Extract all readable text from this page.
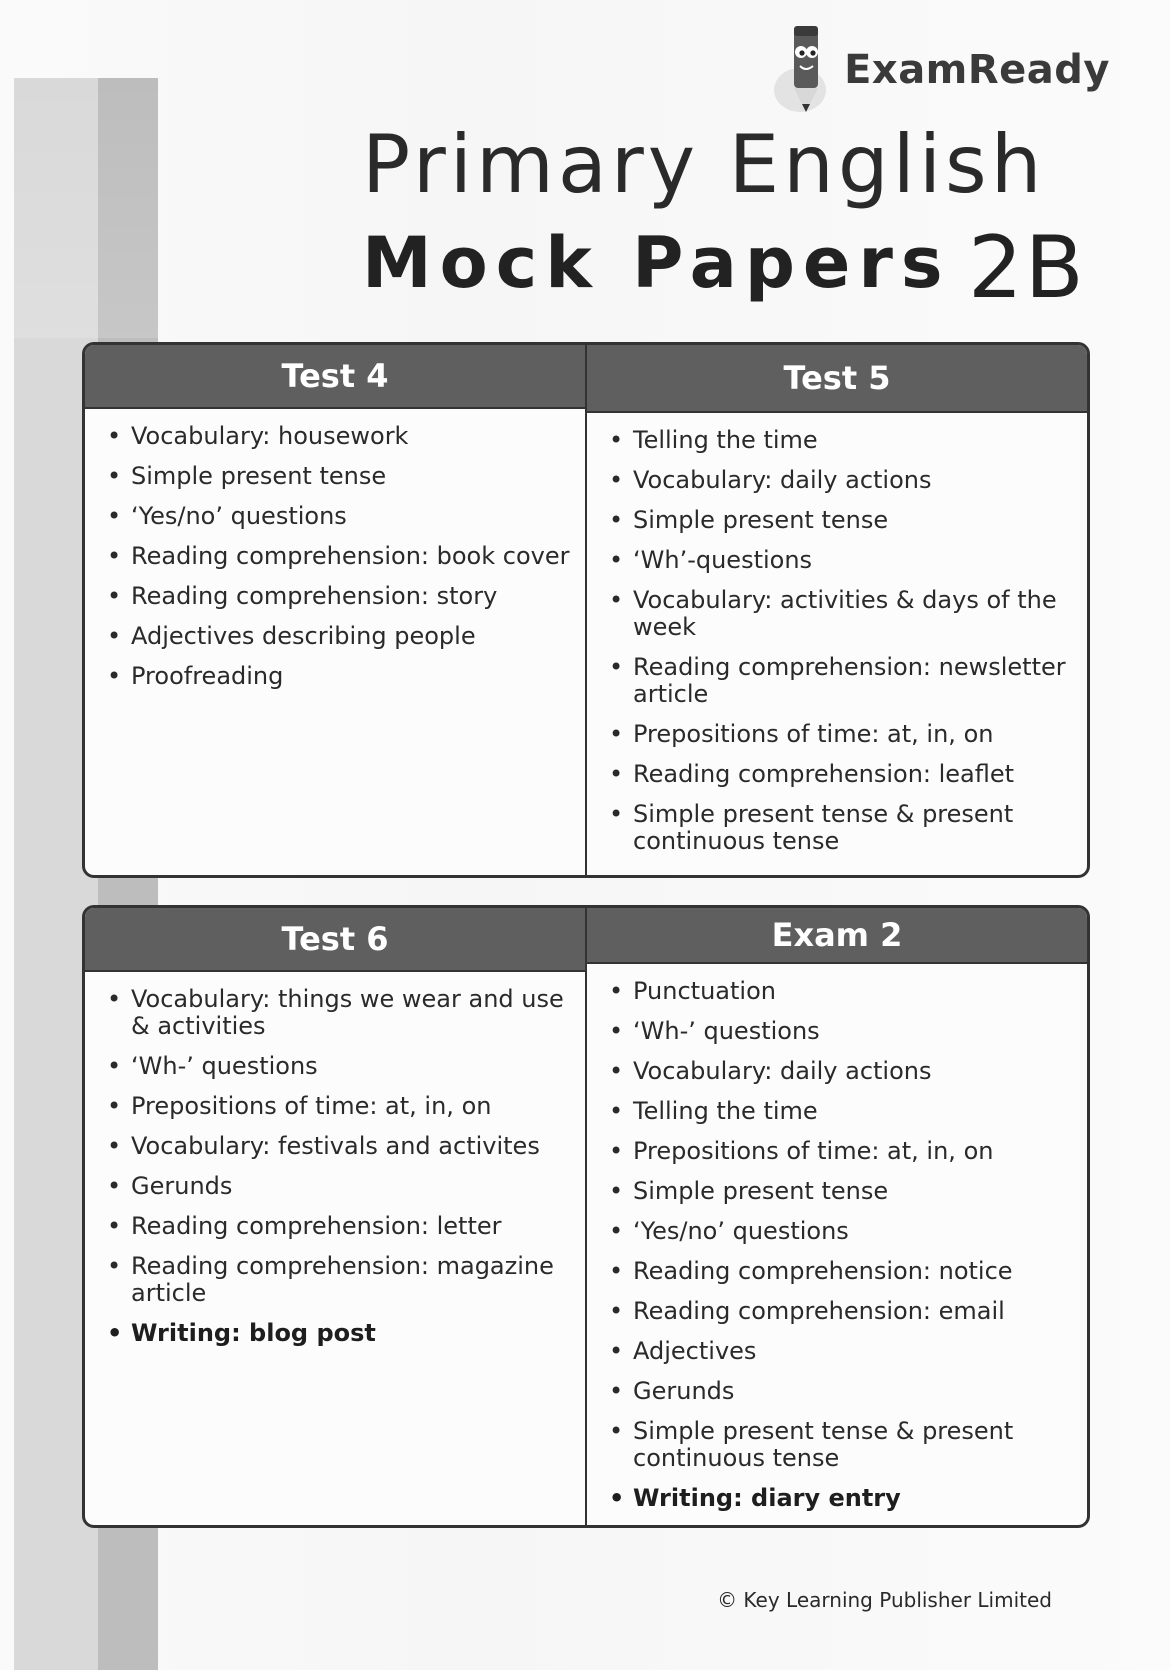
ExamReady
Primary English
Mock Papers 2B
Test 4
• Vocabulary: housework
• Simple present tense
• ‘Yes/no’ questions
• Reading comprehension: book cover
• Reading comprehension: story
• Adjectives describing people
• Proofreading
Test 5
• Telling the time
• Vocabulary: daily actions
• Simple present tense
• ‘Wh’-questions
• Vocabulary: activities & days of the week
• Reading comprehension: newsletter article
• Prepositions of time: at, in, on
• Reading comprehension: leaflet
• Simple present tense & present continuous tense
Test 6
• Vocabulary: things we wear and use & activities
• ‘Wh-’ questions
• Prepositions of time: at, in, on
• Vocabulary: festivals and activites
• Gerunds
• Reading comprehension: letter
• Reading comprehension: magazine article
• Writing: blog post
Exam 2
• Punctuation
• ‘Wh-’ questions
• Vocabulary: daily actions
• Telling the time
• Prepositions of time: at, in, on
• Simple present tense
• ‘Yes/no’ questions
• Reading comprehension: notice
• Reading comprehension: email
• Adjectives
• Gerunds
• Simple present tense & present continuous tense
• Writing: diary entry
© Key Learning Publisher Limited
